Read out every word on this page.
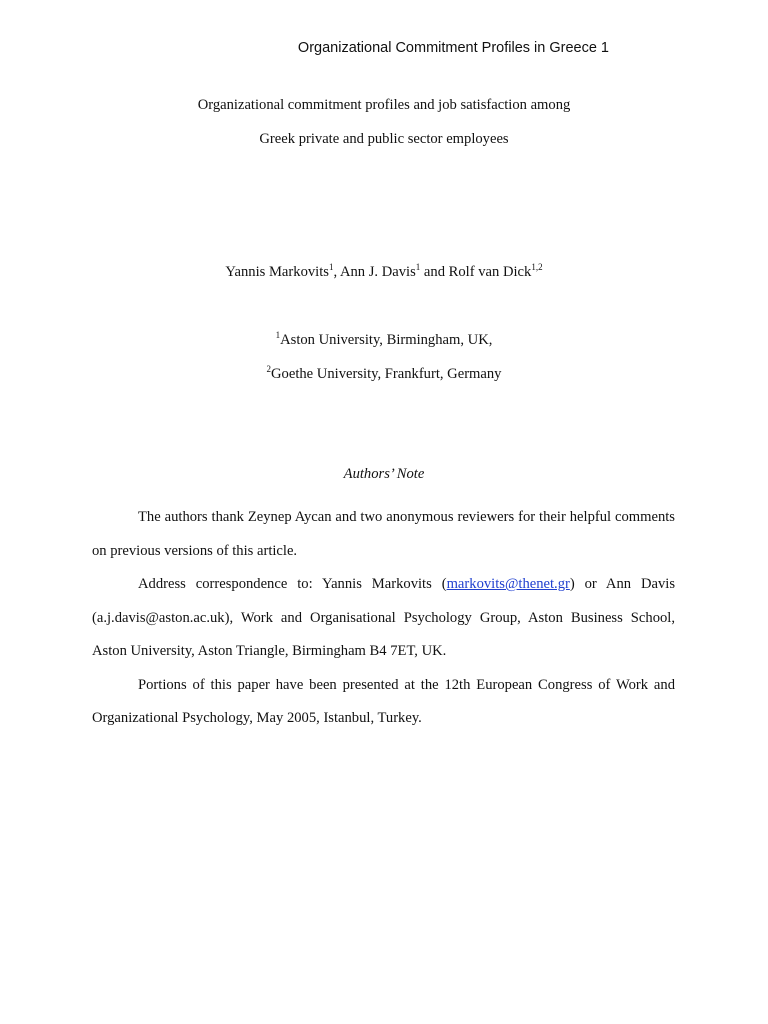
Organizational Commitment Profiles in Greece 1
Organizational commitment profiles and job satisfaction among
Greek private and public sector employees
Yannis Markovits$^1$, Ann J. Davis$^1$ and Rolf van Dick$^{1,2}$
$^1$Aston University, Birmingham, UK,
$^2$Goethe University, Frankfurt, Germany
Authors’ Note

The authors thank Zeynep Aycan and two anonymous reviewers for their helpful comments on previous versions of this article.

Address correspondence to: Yannis Markovits (markovits@thenet.gr) or Ann Davis (a.j.davis@aston.ac.uk), Work and Organisational Psychology Group, Aston Business School, Aston University, Aston Triangle, Birmingham B4 7ET, UK.

Portions of this paper have been presented at the 12th European Congress of Work and Organizational Psychology, May 2005, Istanbul, Turkey.
